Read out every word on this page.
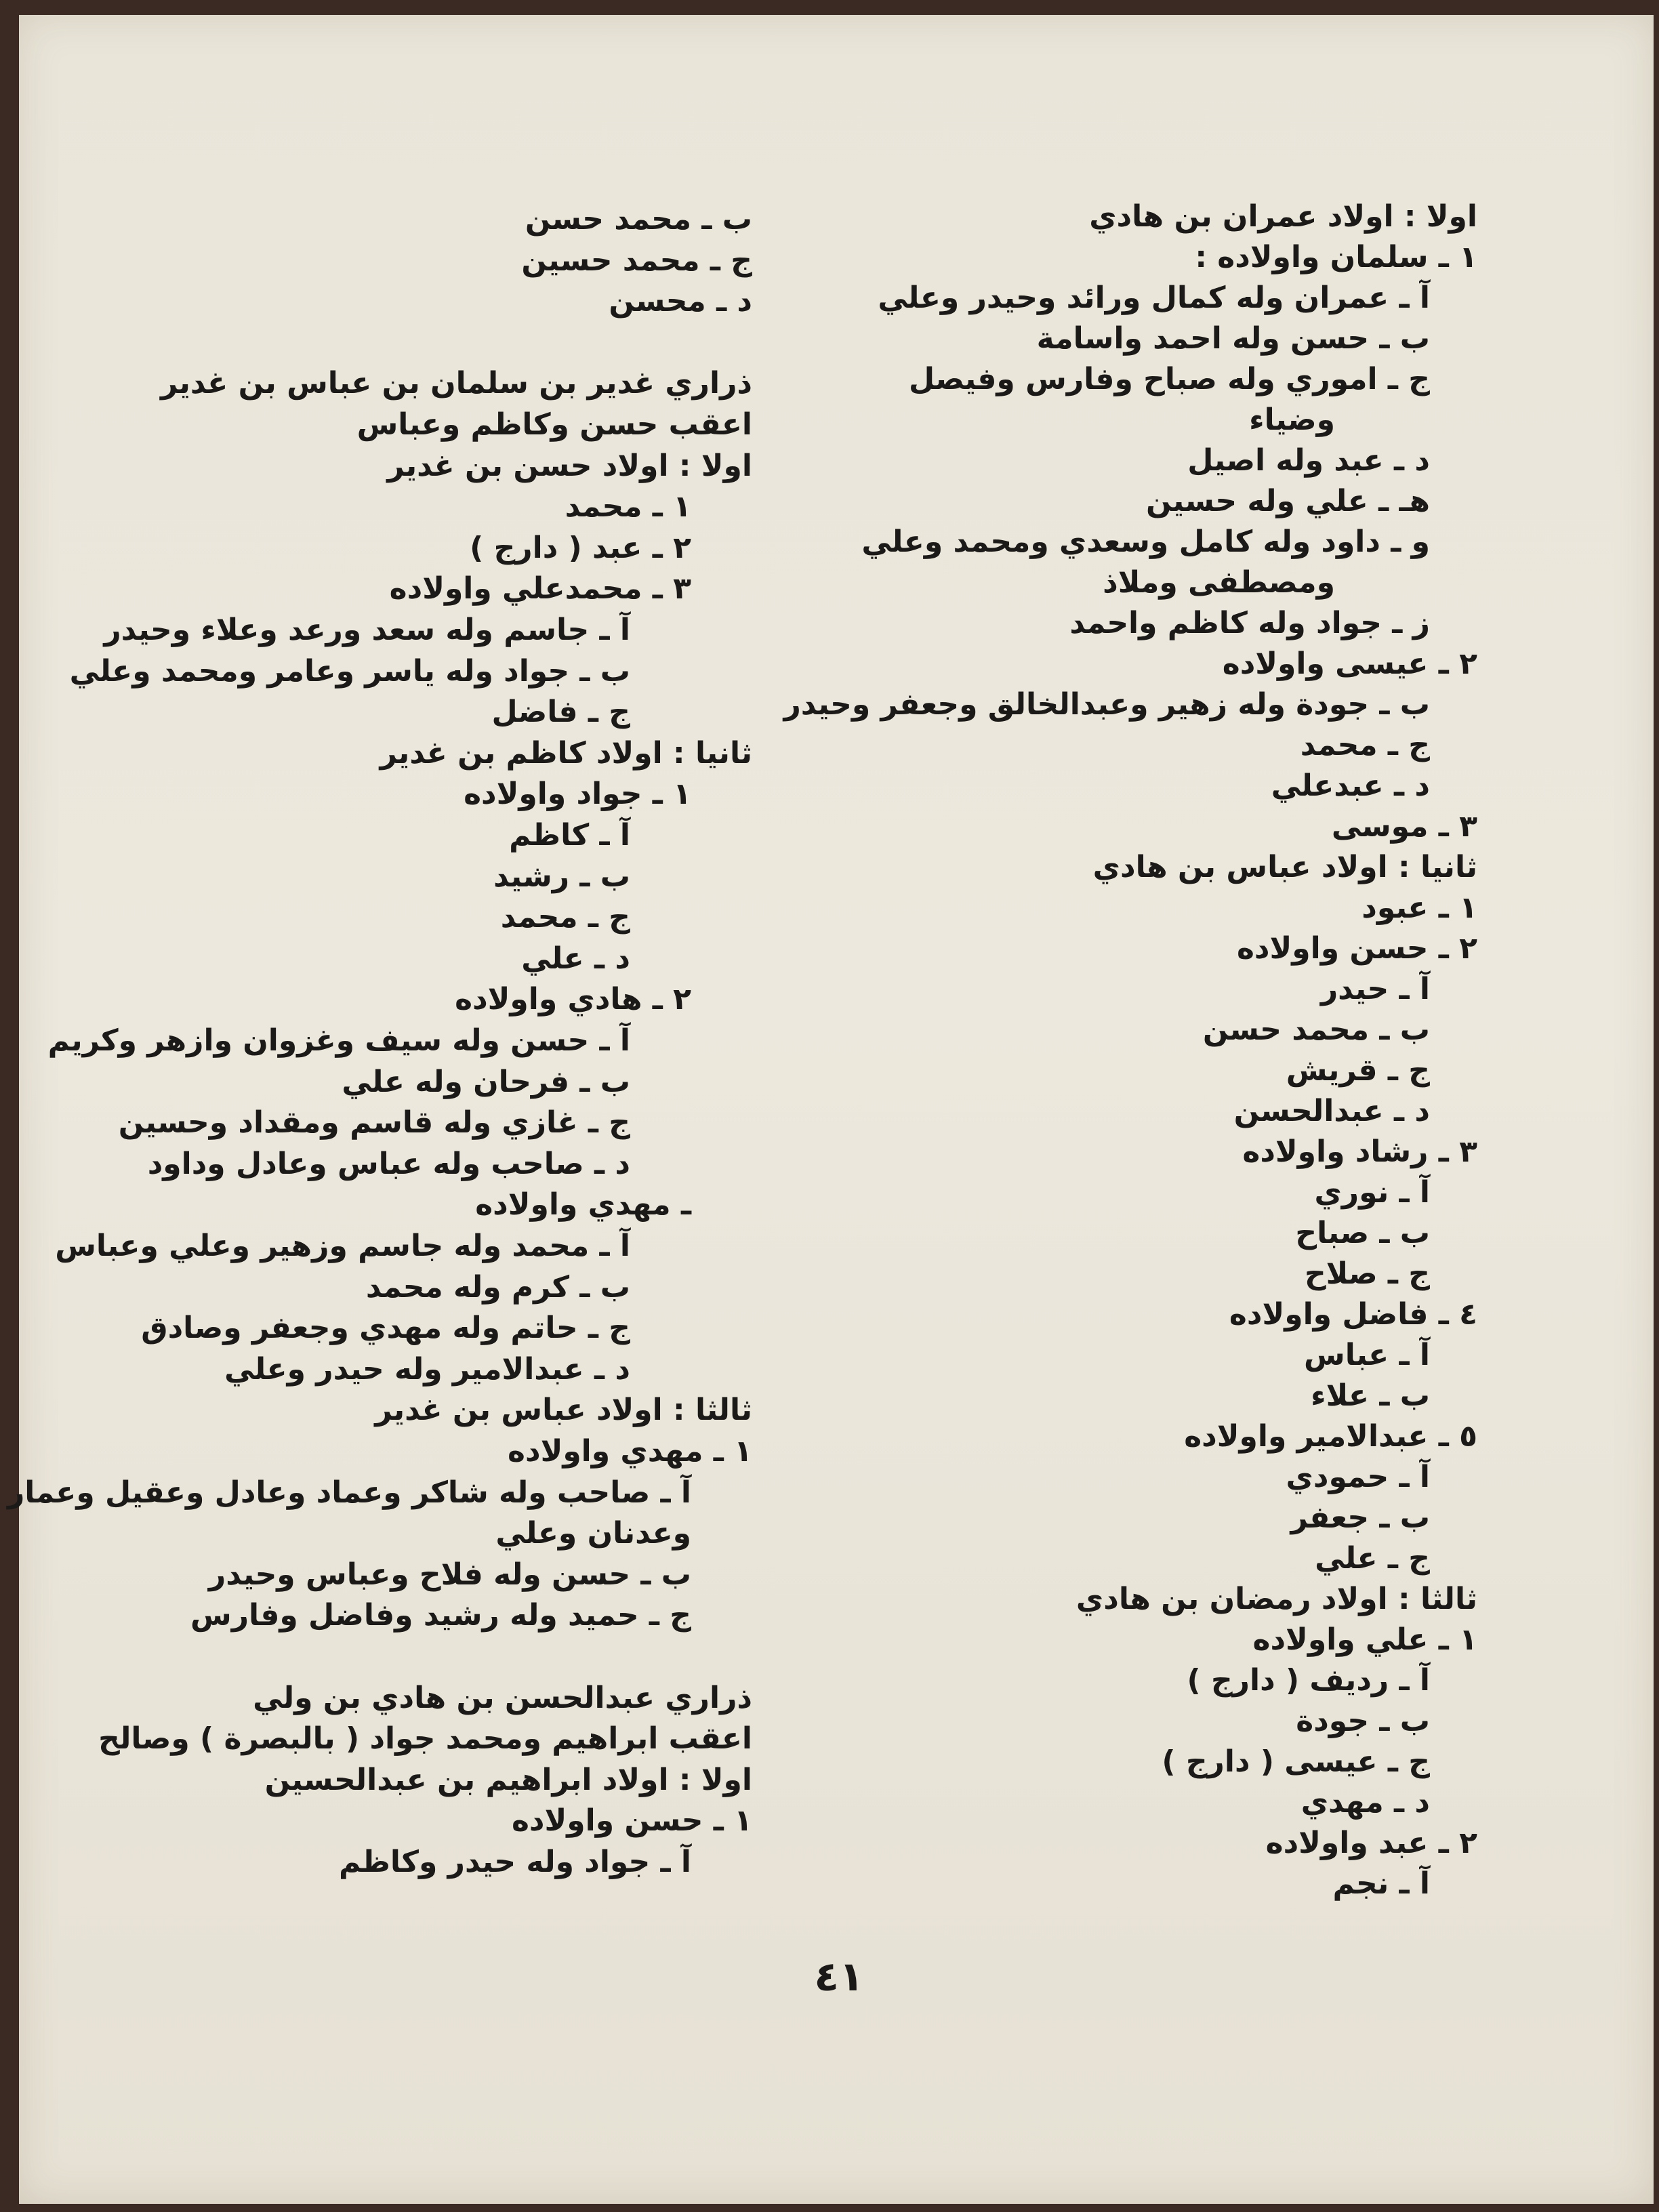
اولا : اولاد عمران بن هادي
١ ـ سلمان واولاده :
آ ـ عمران وله كمال ورائد وحيدر وعلي
ب ـ حسن وله احمد واسامة
ج ـ اموري وله صباح وفارس وفيصل
وضياء
د ـ عبد وله اصيل
هـ ـ علي وله حسين
و ـ داود وله كامل وسعدي ومحمد وعلي
ومصطفى وملاذ
ز ـ جواد وله كاظم واحمد
٢ ـ عيسى واولاده
ب ـ جودة وله زهير وعبدالخالق وجعفر وحيدر
ج ـ محمد
د ـ عبدعلي
٣ ـ موسى
ثانيا : اولاد عباس بن هادي
١ ـ عبود
٢ ـ حسن واولاده
آ ـ حيدر
ب ـ محمد حسن
ج ـ قريش
د ـ عبدالحسن
٣ ـ رشاد واولاده
آ ـ نوري
ب ـ صباح
ج ـ صلاح
٤ ـ فاضل واولاده
آ ـ عباس
ب ـ علاء
٥ ـ عبدالامير واولاده
آ ـ حمودي
ب ـ جعفر
ج ـ علي
ثالثا : اولاد رمضان بن هادي
١ ـ علي واولاده
آ ـ رديف ( دارج )
ب ـ جودة
ج ـ عيسى ( دارج )
د ـ مهدي
٢ ـ عبد واولاده
آ ـ نجم
ب ـ محمد حسن
ج ـ محمد حسين
د ـ محسن
ذراري غدير بن سلمان بن عباس بن غدير
اعقب حسن وكاظم وعباس
اولا : اولاد حسن بن غدير
١ ـ محمد
٢ ـ عبد ( دارج )
٣ ـ محمدعلي واولاده
آ ـ جاسم وله سعد ورعد وعلاء وحيدر
ب ـ جواد وله ياسر وعامر ومحمد وعلي
ج ـ فاضل
ثانيا : اولاد كاظم بن غدير
١ ـ جواد واولاده
آ ـ كاظم
ب ـ رشيد
ج ـ محمد
د ـ علي
٢ ـ هادي واولاده
آ ـ حسن وله سيف وغزوان وازهر وكريم
ب ـ فرحان وله علي
ج ـ غازي وله قاسم ومقداد وحسين
د ـ صاحب وله عباس وعادل وداود
ـ مهدي واولاده
آ ـ محمد وله جاسم وزهير وعلي وعباس
ب ـ كرم وله محمد
ج ـ حاتم وله مهدي وجعفر وصادق
د ـ عبدالامير وله حيدر وعلي
ثالثا : اولاد عباس بن غدير
١ ـ مهدي واولاده
آ ـ صاحب وله شاكر وعماد وعادل وعقيل وعمار
وعدنان وعلي
ب ـ حسن وله فلاح وعباس وحيدر
ج ـ حميد وله رشيد وفاضل وفارس
ذراري عبدالحسن بن هادي بن ولي
اعقب ابراهيم ومحمد جواد ( بالبصرة ) وصالح
اولا : اولاد ابراهيم بن عبدالحسين
١ ـ حسن واولاده
آ ـ جواد وله حيدر وكاظم
٤١
